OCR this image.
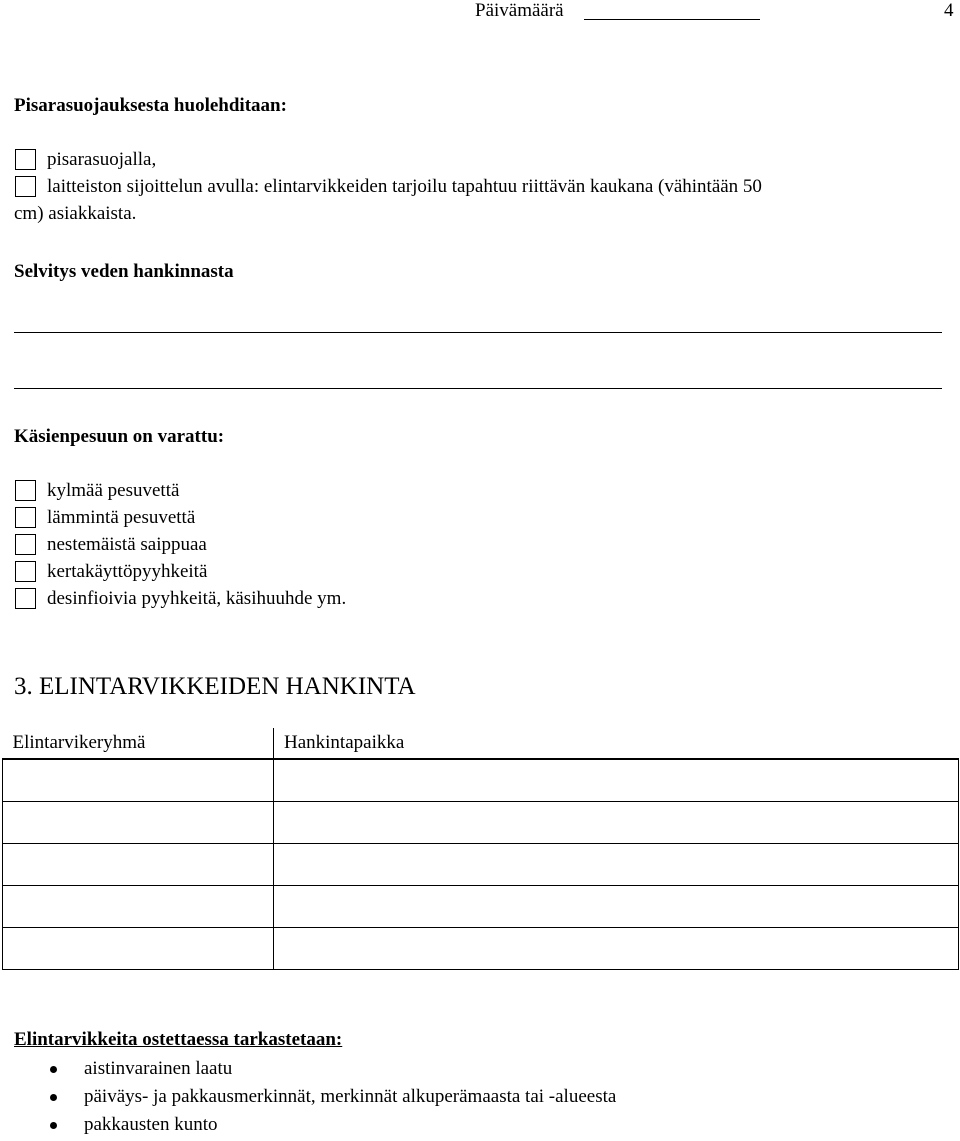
Päivämäärä	4
Pisarasuojauksesta huolehditaan:
pisarasuojalla,
laitteiston sijoittelun avulla: elintarvikkeiden tarjoilu tapahtuu riittävän kaukana (vähintään 50
cm) asiakkaista.
Selvitys veden hankinnasta
Käsienpesuun on varattu:
kylmää pesuvettä
lämmintä pesuvettä
nestemäistä saippuaa
kertakäyttöpyyhkeitä
desinfioivia pyyhkeitä, käsihuuhde ym.
3. ELINTARVIKKEIDEN HANKINTA
Elintarvikeryhmä	Hankintapaikka

Elintarvikkeita ostettaessa tarkastetaan:
aistinvarainen laatu
päiväys- ja pakkausmerkinnät, merkinnät alkuperämaasta tai -alueesta
pakkausten kunto
